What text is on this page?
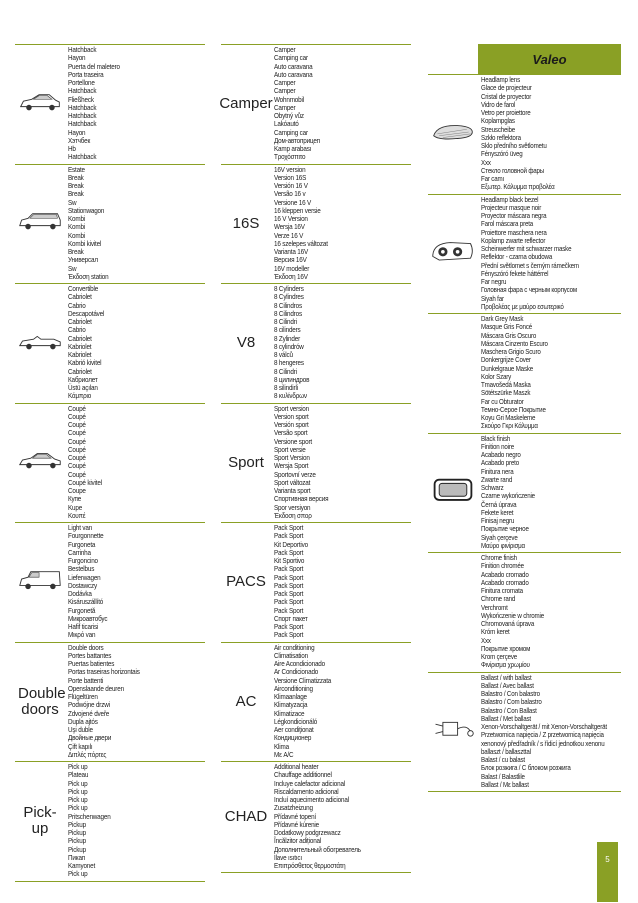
Hatchback
Hayon
Puerta del maletero
Porta traseira
Portellone
Hatchback
Fließheck
Hatchback
Hatchback
Hatchback
Hayon
Хэтчбек
Hb
Hatchback
Estate
Break
Break
Break
Sw
Stationwagon
Kombi
Kombi
Kombi
Kombi kivitel
Break
Универсал
Sw
Έκδοση station
Convertible
Cabriolet
Cabrio
Descapotável
Cabriolet
Cabrio
Cabriolet
Kabriolet
Kabriolet
Kabrió kivitel
Cabriolet
Кабриолет
Üstü açılan
Κάμπριο
Coupé
Coupé
Coupé
Coupé
Coupé
Coupé
Coupé
Coupé
Coupé
Coupé kivitel
Coupe
Купе
Kupe
Κουπέ
Light van
Fourgonnette
Furgoneta
Carrinha
Furgoncino
Bestelbus
Lieferwagen
Dostawczy
Dodávka
Kisáruszállító
Furgonetă
Микроавтобус
Hafif ticarisi
Μικρό van
Double doors
Double doors
Portes battantes
Puertas batientes
Portas traseiras horizontais
Porte battenti
Openslaande deuren
Flügeltüren
Podwójne drzwi
Zdvojené dveře
Dupla ajtós
Uşi duble
Двойные двери
Çift kapılı
Διπλές πόρτες
Pick-up
Pick up
Plateau
Pick up
Pick up
Pick up
Pick up
Pritschenwagen
Pickup
Pickup
Pickup
Pickup
Пикап
Kamyonet
Pick up
Camper
Camper
Camping car
Auto caravana
Auto caravana
Camper
Camper
Wohnmobil
Camper
Obytný vůz
Lakóautó
Camping car
Дом-автоприцеп
Kamp arabası
Τροχόσπιτο
16S
16V version
Version 16S
Versión 16 V
Versão 16 v
Versione 16 V
16 kleppen versie
16 V Version
Wersja 16V
Verze 16 V
16 szelepes változat
Varianta 16V
Версия 16V
16V modeller
Έκδοση 16V
V8
8 Cylinders
8 Cylindres
8 Cilindros
8 Cilindros
8 Cilindri
8 cilinders
8 Zylinder
8 cylindrów
8 válců
8 hengeres
8 Cilindri
8 цилиндров
8 silindirli
8 κυλίνδρων
Sport
Sport version
Version sport
Versión sport
Versão sport
Versione sport
Sport versie
Sport Version
Wersja Sport
Sportovní verze
Sport változat
Varianta sport
Спортивная версия
Spor versiyon
Έκδοση σπορ
PACS
Pack Sport
Pack Sport
Kit Deportivo
Pack Sport
Kit Sportivo
Pack Sport
Pack Sport
Pack Sport
Pack Sport
Pack Sport
Pack Sport
Спорт пакет
Pack Sport
Pack Sport
AC
Air conditioning
Climatisation
Aire Acondicionado
Ar Condicionado
Versione Climatizzata
Airconditioning
Klimaanlage
Klimatyzacja
Klimatizace
Légkondicionáló
Aer condiţionat
Кондиционер
Klima
Με A/C
CHAD
Additional heater
Chauffage additionnel
Incluye calefactor adicional
Riscaldamento adicional
Incluí aquecimento adicional
Zusatzheizung
Přídavné topení
Přídavné kúrenie
Dodatkowy podgrzewacz
Încălzitor adițional
Дополнительный обогреватель
İlave ısıtıcı
Επιπρόσθετος θερμοστάτη
Valeo
Headlamp lens
Glace de projecteur
Cristal de proyector
Vidro de farol
Vetro per proiettore
Koplampglas
Streuscheibe
Szkło reflektora
Sklo předního světlometu
Fényszóró üveg
Xxx
Стекло головной фары
Far camı
Εξωτερ. Κάλυμμα προβολέα
Headlamp black bezel
Projecteur masque noir
Proyector máscara negra
Farol máscara preta
Proiettore maschera nera
Koplamp zwarte reflector
Scheinwerfer mit schwarzer maske
Reflektor - czarna obudowa
Přední světlomet s černým rámečkem
Fényszóró fekete háttérrel
Far negru
Головная фара с черным корпусом
Siyah far
Προβολέας με μαύρο εσωτερικό
Dark Grey Mask
Masque Gris Foncé
Máscara Gris Oscuro
Máscara Cinzento Escuro
Maschera Grigio Scuro
Donkergrijze Cover
Dunkelgraue Maske
Kolor Szary
Tmavošedá Maska
Sötétszürke Maszk
Far cu Obturator
Темно-Серое Покрытие
Koyu Gri Maskeleme
Σκούρο Γκρι Κάλυμμα
Black finish
Finition noire
Acabado negro
Acabado preto
Finitura nera
Zwarte rand
Schwarz
Czarne wykończenie
Černá úprava
Fekete keret
Finisaj negru
Покрытие черное
Siyah çerçeve
Μαύρο φινίρισμα
Chrome finish
Finition chromée
Acabado cromado
Acabado cromado
Finitura cromata
Chrome rand
Verchromt
Wykończenie w chromie
Chromovaná úprava
Króm keret
Xxx
Покрытие хромом
Krom çerçeve
Φινίρισμα χρωμίου
Ballast / with ballast
Ballast / Avec ballast
Balastro / Con balastro
Balastro / Com balastro
Balastro / Con Ballast
Ballast / Met ballast
Xenon-Vorschaltgerät / mit Xenon-Vorschaltgerät
Przetwornica napięcia / Z przetwornicą napięcia
xenonový předřadník / s řídicí jednotkou xenonu
ballaszt / ballaszttal
Balast / cu balast
Блок розжига / С блоком розжига
Balast / Balastlile
Ballast / Με ballast
5
